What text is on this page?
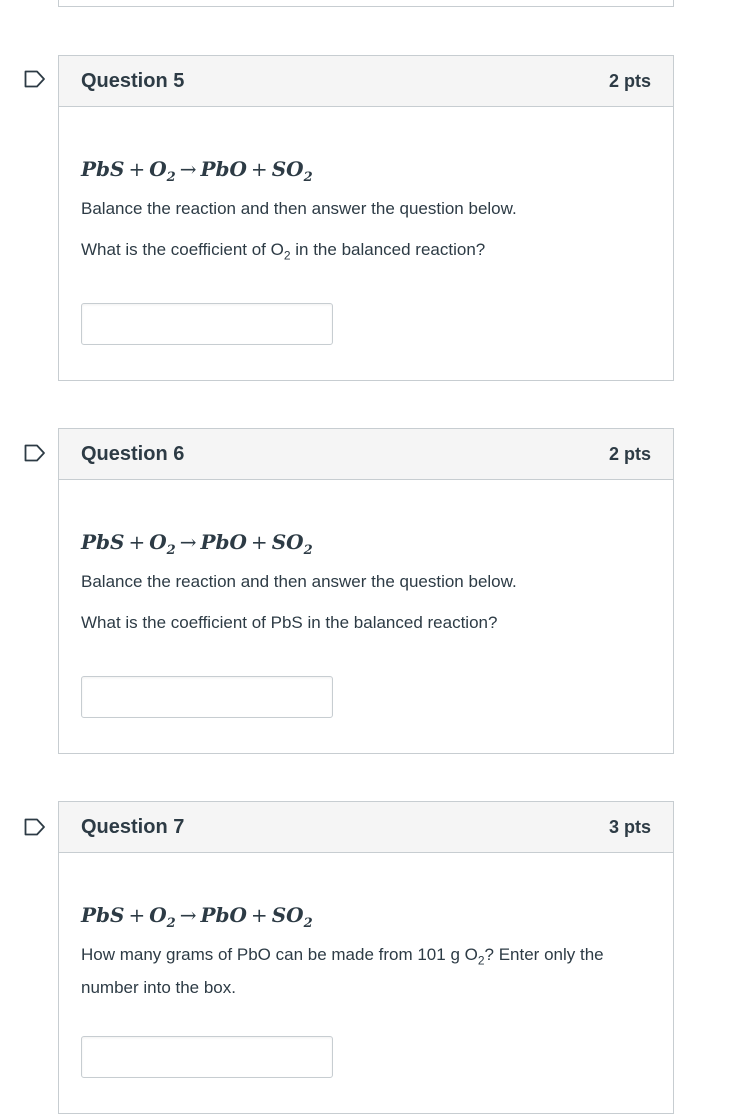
Question 5	2 pts
PbS + $O_2$ → PbO + $SO_2$
Balance the reaction and then answer the question below.
What is the coefficient of $O_2$ in the balanced reaction?
Question 6	2 pts
PbS + $O_2$ → PbO + $SO_2$
Balance the reaction and then answer the question below.
What is the coefficient of PbS in the balanced reaction?
Question 7	3 pts
PbS + $O_2$ → PbO + $SO_2$
How many grams of PbO can be made from 101 g $O_2$? Enter only the
number into the box.
